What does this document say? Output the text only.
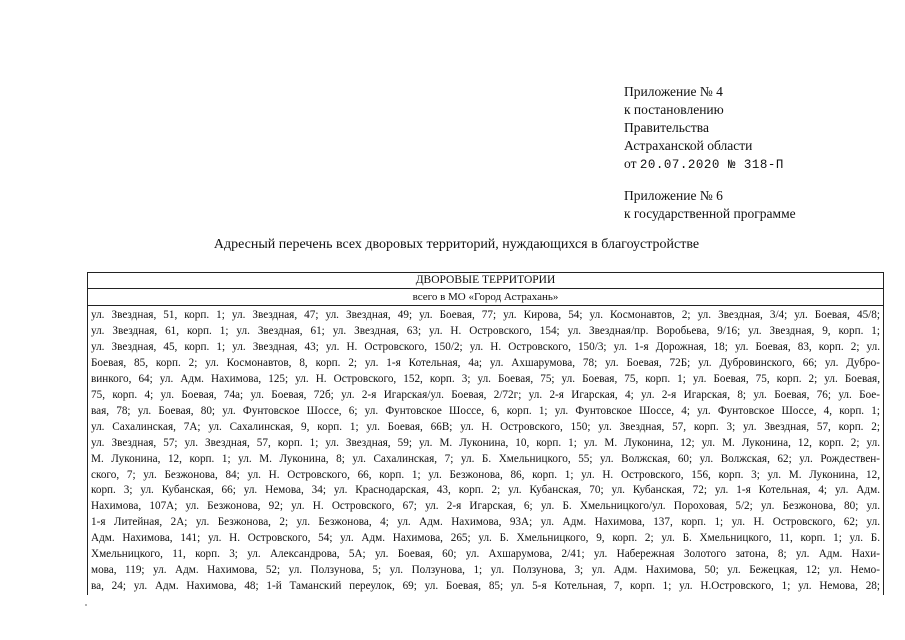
Приложение № 4
к постановлению
Правительства
Астраханской области
от 20.07.2020 № 318-П
Приложение № 6
к государственной программе
Адресный перечень всех дворовых территорий, нуждающихся в благоустройстве
ДВОРОВЫЕ ТЕРРИТОРИИ
всего в МО «Город Астрахань»
ул. Звездная, 51, корп. 1; ул. Звездная, 47; ул. Звездная, 49; ул. Боевая, 77; ул. Кирова, 54; ул. Космонавтов, 2; ул. Звездная, 3/4; ул. Боевая, 45/8;
ул. Звездная, 61, корп. 1; ул. Звездная, 61; ул. Звездная, 63; ул. Н. Островского, 154; ул. Звездная/пр. Воробьева, 9/16; ул. Звездная, 9, корп. 1;
ул. Звездная, 45, корп. 1; ул. Звездная, 43; ул. Н. Островского, 150/2; ул. Н. Островского, 150/3; ул. 1-я Дорожная, 18; ул. Боевая, 83, корп. 2; ул.
Боевая, 85, корп. 2; ул. Космонавтов, 8, корп. 2; ул. 1-я Котельная, 4а; ул. Ахшарумова, 78; ул. Боевая, 72Б; ул. Дубровинского, 66; ул. Дубро-
винкого, 64; ул. Адм. Нахимова, 125; ул. Н. Островского, 152, корп. 3; ул. Боевая, 75; ул. Боевая, 75, корп. 1; ул. Боевая, 75, корп. 2; ул. Боевая,
75, корп. 4; ул. Боевая, 74а; ул. Боевая, 72б; ул. 2-я Игарская/ул. Боевая, 2/72г; ул. 2-я Игарская, 4; ул. 2-я Игарская, 8; ул. Боевая, 76; ул. Бое-
вая, 78; ул. Боевая, 80; ул. Фунтовское Шоссе, 6; ул. Фунтовское Шоссе, 6, корп. 1; ул. Фунтовское Шоссе, 4; ул. Фунтовское Шоссе, 4, корп. 1;
ул. Сахалинская, 7А; ул. Сахалинская, 9, корп. 1; ул. Боевая, 66В; ул. Н. Островского, 150; ул. Звездная, 57, корп. 3; ул. Звездная, 57, корп. 2;
ул. Звездная, 57; ул. Звездная, 57, корп. 1; ул. Звездная, 59; ул. М. Луконина, 10, корп. 1; ул. М. Луконина, 12; ул. М. Луконина, 12, корп. 2; ул.
М. Луконина, 12, корп. 1; ул. М. Луконина, 8; ул. Сахалинская, 7; ул. Б. Хмельницкого, 55; ул. Волжская, 60; ул. Волжская, 62; ул. Рождествен-
ского, 7; ул. Безжонова, 84; ул. Н. Островского, 66, корп. 1; ул. Безжонова, 86, корп. 1; ул. Н. Островского, 156, корп. 3; ул. М. Луконина, 12,
корп. 3; ул. Кубанская, 66; ул. Немова, 34; ул. Краснодарская, 43, корп. 2; ул. Кубанская, 70; ул. Кубанская, 72; ул. 1-я Котельная, 4; ул. Адм.
Нахимова, 107А; ул. Безжонова, 92; ул. Н. Островского, 67; ул. 2-я Игарская, 6; ул. Б. Хмельницкого/ул. Пороховая, 5/2; ул. Безжонова, 80; ул.
1-я Литейная, 2А; ул. Безжонова, 2; ул. Безжонова, 4; ул. Адм. Нахимова, 93А; ул. Адм. Нахимова, 137, корп. 1; ул. Н. Островского, 62; ул.
Адм. Нахимова, 141; ул. Н. Островского, 54; ул. Адм. Нахимова, 265; ул. Б. Хмельницкого, 9, корп. 2; ул. Б. Хмельницкого, 11, корп. 1; ул. Б.
Хмельницкого, 11, корп. 3; ул. Александрова, 5А; ул. Боевая, 60; ул. Ахшарумова, 2/41; ул. Набережная Золотого затона, 8; ул. Адм. Нахи-
мова, 119; ул. Адм. Нахимова, 52; ул. Ползунова, 5; ул. Ползунова, 1; ул. Ползунова, 3; ул. Адм. Нахимова, 50; ул. Бежецкая, 12; ул. Немо-
ва, 24; ул. Адм. Нахимова, 48; 1-й Таманский переулок, 69; ул. Боевая, 85; ул. 5-я Котельная, 7, корп. 1; ул. Н.Островского, 1; ул. Немова, 28;
